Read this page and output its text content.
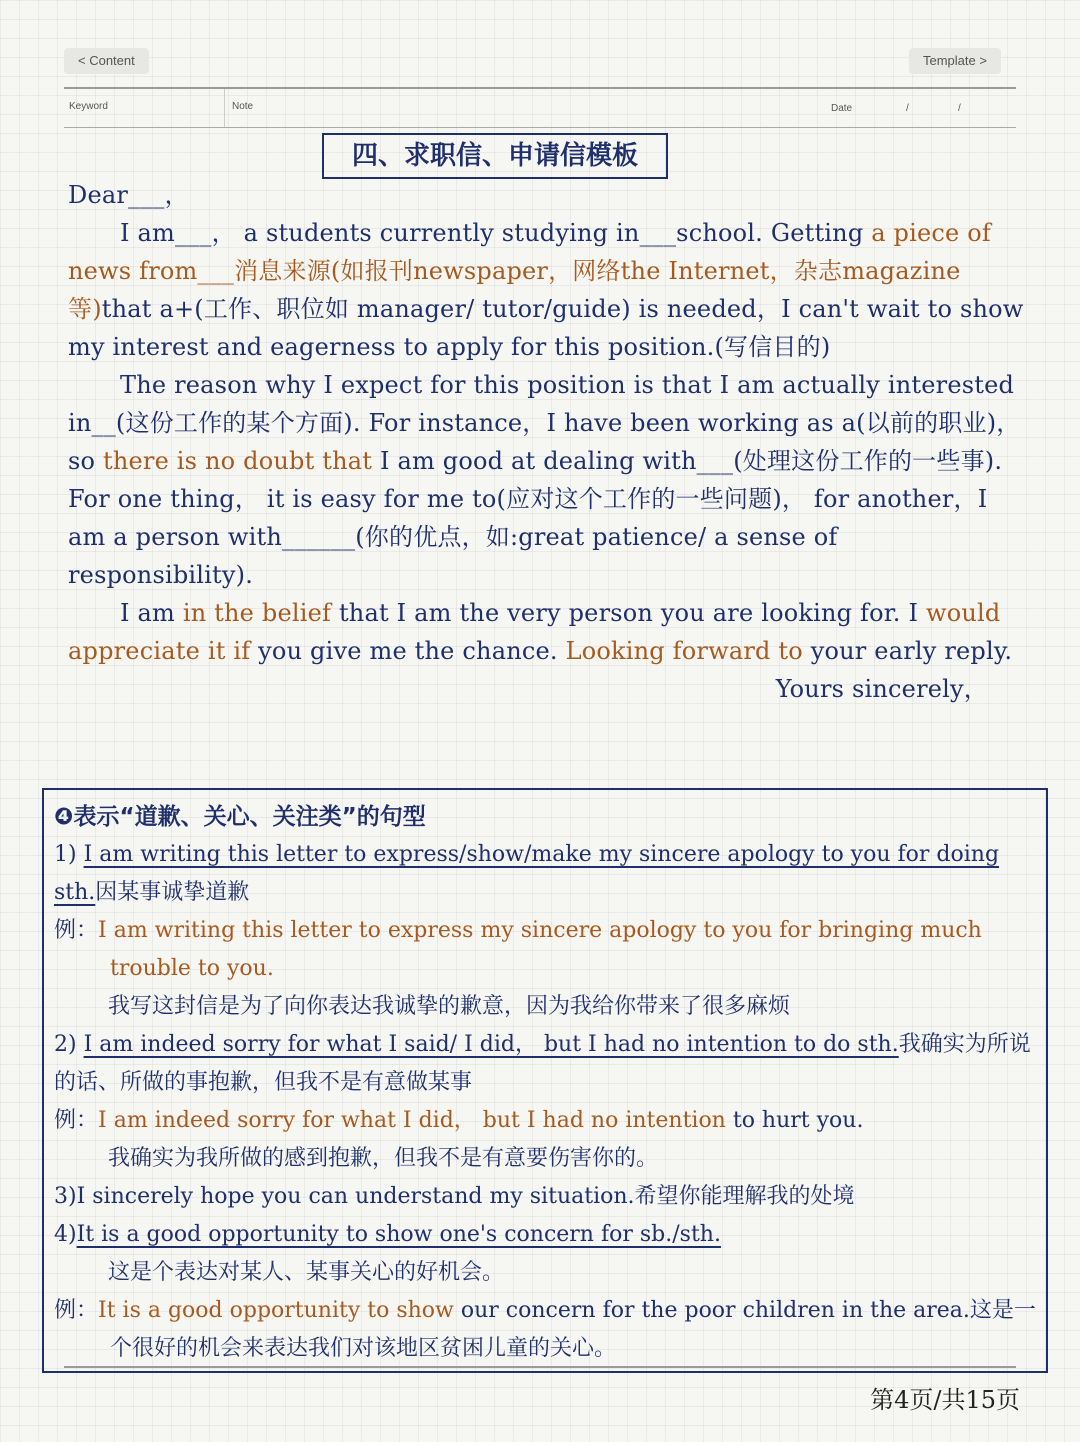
< Content	Template >
Keyword	Note	Date	/	/
四、求职信、申请信模板

Dear___，

I am___， a students currently studying in___school. Getting a piece of news from___消息来源(如报刊newspaper，网络the Internet，杂志magazine等)that a+(工作、职位如 manager/ tutor/guide) is needed，I can't wait to show my interest and eagerness to apply for this position.(写信目的)

The reason why I expect for this position is that I am actually interested in__(这份工作的某个方面). For instance，I have been working as a(以前的职业)，so there is no doubt that I am good at dealing with___(处理这份工作的一些事). For one thing， it is easy for me to(应对这个工作的一些问题)， for another，I am a person with______(你的优点，如:great patience/ a sense of responsibility).

I am in the belief that I am the very person you are looking for. I would appreciate it if you give me the chance. Looking forward to your early reply.

Yours sincerely，

❹表示“道歉、关心、关注类”的句型

1) I am writing this letter to express/show/make my sincere apology to you for doing sth.因某事诚挚道歉

例：I am writing this letter to express my sincere apology to you for bringing much trouble to you.

我写这封信是为了向你表达我诚挚的歉意，因为我给你带来了很多麻烦

2) I am indeed sorry for what I said/ I did， but I had no intention to do sth.我确实为所说的话、所做的事抱歉，但我不是有意做某事

例：I am indeed sorry for what I did， but I had no intention to hurt you.

我确实为我所做的感到抱歉，但我不是有意要伤害你的。

3)I sincerely hope you can understand my situation.希望你能理解我的处境

4)It is a good opportunity to show one's concern for sb./sth.

这是个表达对某人、某事关心的好机会。

例：It is a good opportunity to show our concern for the poor children in the area.这是一个很好的机会来表达我们对该地区贫困儿童的关心。

第4页/共15页
